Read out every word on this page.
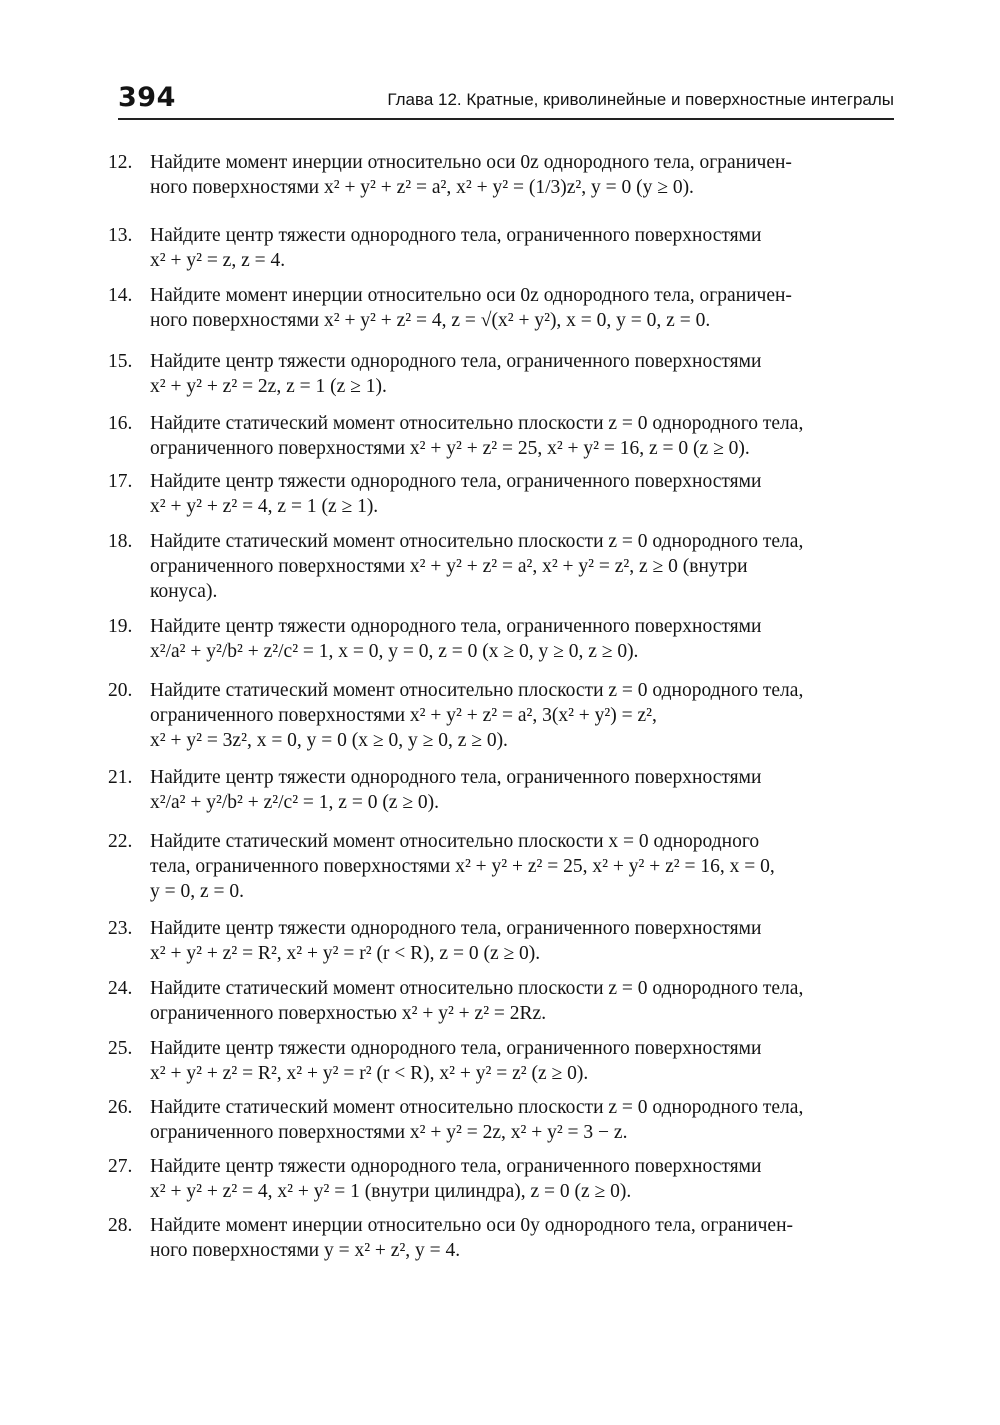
394	Глава 12. Кратные, криволинейные и поверхностные интегралы
12. Найдите момент инерции относительно оси 0z однородного тела, ограничен-
ного поверхностями x² + y² + z² = a², x² + y² = (1/3)z², y = 0 (y ≥ 0).
13. Найдите центр тяжести однородного тела, ограниченного поверхностями
x² + y² = z, z = 4.
14. Найдите момент инерции относительно оси 0z однородного тела, ограничен-
ного поверхностями x² + y² + z² = 4, z = √(x² + y²), x = 0, y = 0, z = 0.
15. Найдите центр тяжести однородного тела, ограниченного поверхностями
x² + y² + z² = 2z, z = 1 (z ≥ 1).
16. Найдите статический момент относительно плоскости z = 0 однородного тела,
ограниченного поверхностями x² + y² + z² = 25, x² + y² = 16, z = 0 (z ≥ 0).
17. Найдите центр тяжести однородного тела, ограниченного поверхностями
x² + y² + z² = 4, z = 1 (z ≥ 1).
18. Найдите статический момент относительно плоскости z = 0 однородного тела,
ограниченного поверхностями x² + y² + z² = a², x² + y² = z², z ≥ 0 (внутри
конуса).
19. Найдите центр тяжести однородного тела, ограниченного поверхностями
x²/a² + y²/b² + z²/c² = 1, x = 0, y = 0, z = 0 (x ≥ 0, y ≥ 0, z ≥ 0).
20. Найдите статический момент относительно плоскости z = 0 однородного тела,
ограниченного поверхностями x² + y² + z² = a², 3(x² + y²) = z²,
x² + y² = 3z², x = 0, y = 0 (x ≥ 0, y ≥ 0, z ≥ 0).
21. Найдите центр тяжести однородного тела, ограниченного поверхностями
x²/a² + y²/b² + z²/c² = 1, z = 0 (z ≥ 0).
22. Найдите статический момент относительно плоскости x = 0 однородного
тела, ограниченного поверхностями x² + y² + z² = 25, x² + y² + z² = 16, x = 0,
y = 0, z = 0.
23. Найдите центр тяжести однородного тела, ограниченного поверхностями
x² + y² + z² = R², x² + y² = r² (r < R), z = 0 (z ≥ 0).
24. Найдите статический момент относительно плоскости z = 0 однородного тела,
ограниченного поверхностью x² + y² + z² = 2Rz.
25. Найдите центр тяжести однородного тела, ограниченного поверхностями
x² + y² + z² = R², x² + y² = r² (r < R), x² + y² = z² (z ≥ 0).
26. Найдите статический момент относительно плоскости z = 0 однородного тела,
ограниченного поверхностями x² + y² = 2z, x² + y² = 3 − z.
27. Найдите центр тяжести однородного тела, ограниченного поверхностями
x² + y² + z² = 4, x² + y² = 1 (внутри цилиндра), z = 0 (z ≥ 0).
28. Найдите момент инерции относительно оси 0y однородного тела, ограничен-
ного поверхностями y = x² + z², y = 4.
